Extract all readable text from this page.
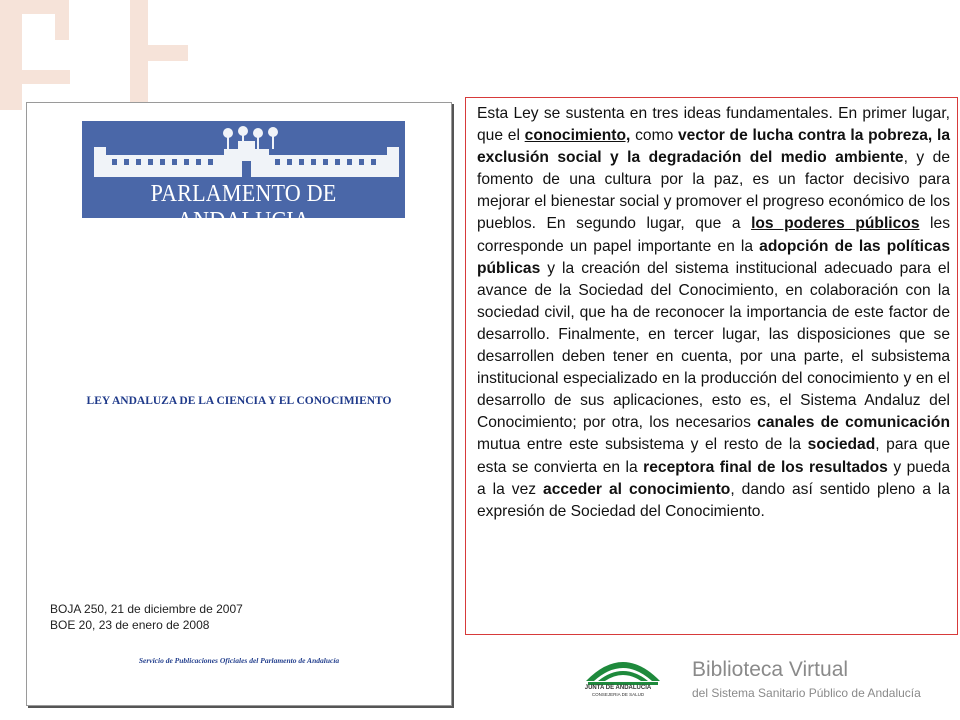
PARLAMENTO DE ANDALUCIA
LEY ANDALUZA DE LA CIENCIA Y EL CONOCIMIENTO
BOJA 250, 21 de diciembre de 2007
BOE 20, 23 de enero de 2008
Servicio de Publicaciones Oficiales del Parlamento de Andalucía

Esta Ley se sustenta en tres ideas fundamentales. En primer lugar, que el conocimiento, como vector de lucha contra la pobreza, la exclusión social y la degradación del medio ambiente, y de fomento de una cultura por la paz, es un factor decisivo para mejorar el bienestar social y promover el progreso económico de los pueblos. En segundo lugar, que a los poderes públicos les corresponde un papel importante en la adopción de las políticas públicas y la creación del sistema institucional adecuado para el avance de la Sociedad del Conocimiento, en colaboración con la sociedad civil, que ha de reconocer la importancia de este factor de desarrollo. Finalmente, en tercer lugar, las disposiciones que se desarrollen deben tener en cuenta, por una parte, el subsistema institucional especializado en la producción del conocimiento y en el desarrollo de sus aplicaciones, esto es, el Sistema Andaluz del Conocimiento; por otra, los necesarios canales de comunicación mutua entre este subsistema y el resto de la sociedad, para que esta se convierta en la receptora final de los resultados y pueda a la vez acceder al conocimiento, dando así sentido pleno a la expresión de Sociedad del Conocimiento.

JUNTA DE ANDALUCIA
CONSEJERIA DE SALUD
Biblioteca Virtual
del Sistema Sanitario Público de Andalucía
